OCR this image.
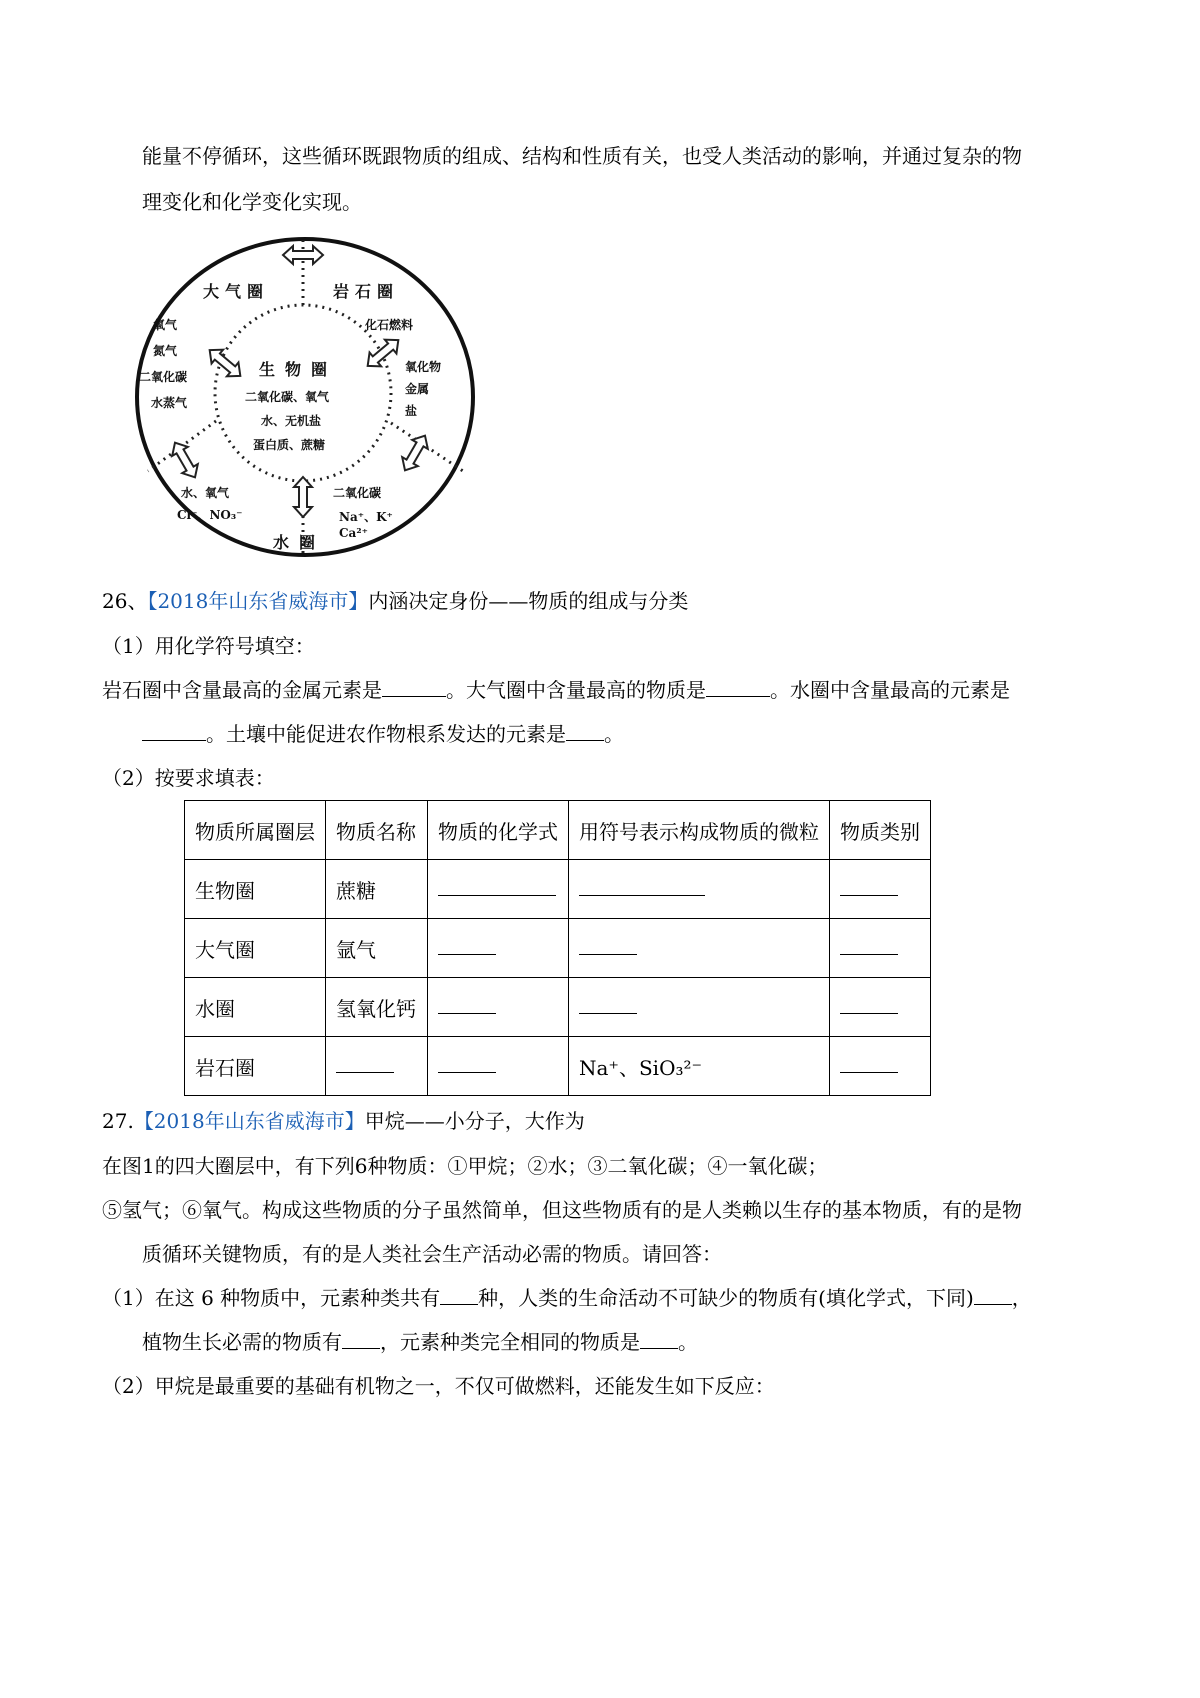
能量不停循环，这些循环既跟物质的组成、结构和性质有关，也受人类活动的影响，并通过复杂的物
理变化和化学变化实现。
大气圈
氧气
氮气
二氧化碳
水蒸气
岩石圈
化石燃料
氧化物
金属
盐
生物圈
二氧化碳、氧气
水、无机盐
蛋白质、蔗糖
水、氧气
Cl⁻、NO₃⁻
二氧化碳
Na⁺、K⁺
Ca²⁺
水圈
26、【2018年山东省威海市】内涵决定身份——物质的组成与分类
（1）用化学符号填空：
岩石圈中含量最高的金属元素是	。大气圈中含量最高的物质是	。水圈中含量最高的元素是
。土壤中能促进农作物根系发达的元素是 。
（2）按要求填表：
物质所属圈层	物质名称	物质的化学式	用符号表示构成物质的微粒	物质类别
生物圈	蔗糖			
大气圈	氩气			
水圈	氢氧化钙			
岩石圈			Na⁺、SiO₃²⁻	
27.【2018年山东省威海市】甲烷——小分子，大作为
在图1的四大圈层中，有下列6种物质：①甲烷；②水；③二氧化碳；④一氧化碳；
⑤氢气；⑥氧气。构成这些物质的分子虽然简单，但这些物质有的是人类赖以生存的基本物质，有的是物
质循环关键物质，有的是人类社会生产活动必需的物质。请回答：
（1）在这 6 种物质中，元素种类共有 种，人类的生命活动不可缺少的物质有(填化学式，下同) ，
植物生长必需的物质有 ，元素种类完全相同的物质是 。
（2）甲烷是最重要的基础有机物之一，不仅可做燃料，还能发生如下反应：
